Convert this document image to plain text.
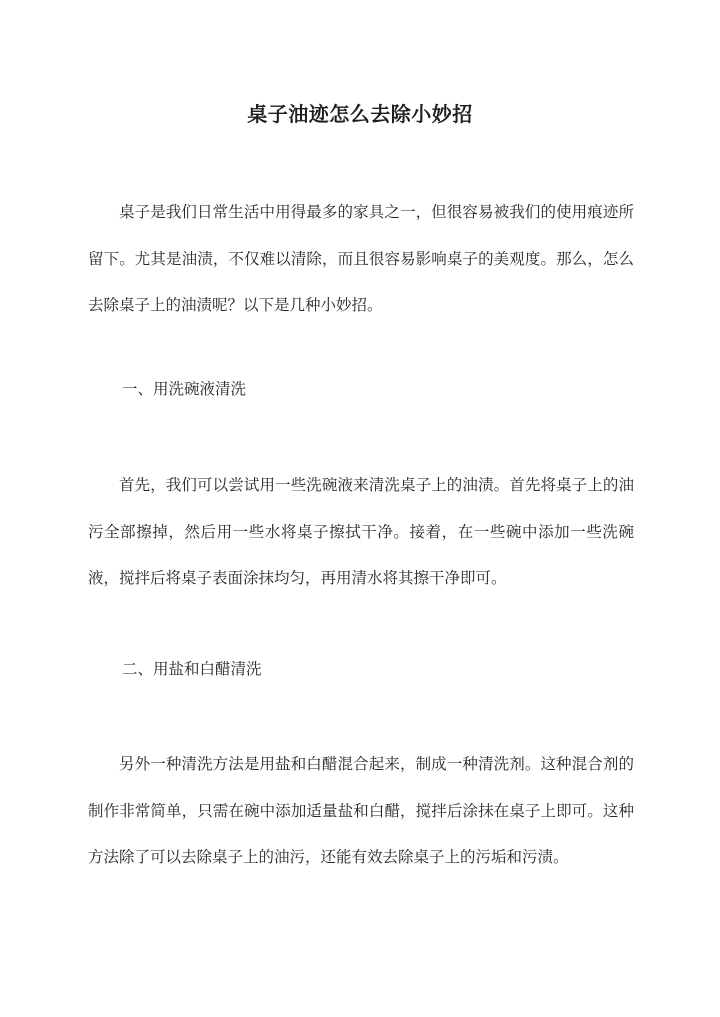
桌子油迹怎么去除小妙招

桌子是我们日常生活中用得最多的家具之一，但很容易被我们的使用痕迹所留下。尤其是油渍，不仅难以清除，而且很容易影响桌子的美观度。那么，怎么去除桌子上的油渍呢？以下是几种小妙招。

一、用洗碗液清洗

首先，我们可以尝试用一些洗碗液来清洗桌子上的油渍。首先将桌子上的油污全部擦掉，然后用一些水将桌子擦拭干净。接着，在一些碗中添加一些洗碗液，搅拌后将桌子表面涂抹均匀，再用清水将其擦干净即可。

二、用盐和白醋清洗

另外一种清洗方法是用盐和白醋混合起来，制成一种清洗剂。这种混合剂的制作非常简单，只需在碗中添加适量盐和白醋，搅拌后涂抹在桌子上即可。这种方法除了可以去除桌子上的油污，还能有效去除桌子上的污垢和污渍。
